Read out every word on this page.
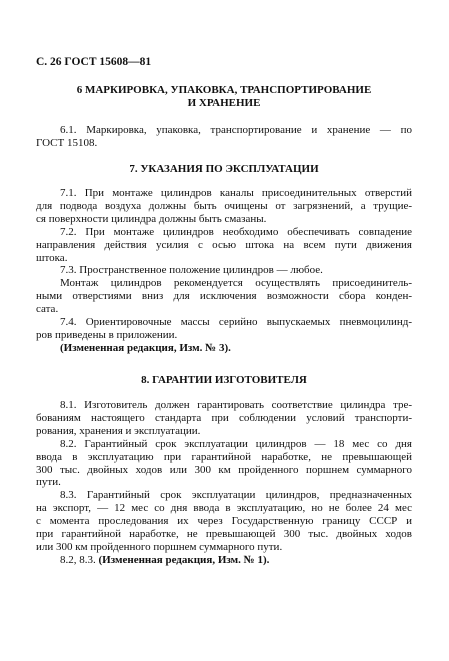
С. 26 ГОСТ 15608—81
6 МАРКИРОВКА, УПАКОВКА, ТРАНСПОРТИРОВАНИЕ
И ХРАНЕНИЕ
6.1. Маркировка, упаковка, транспортирование и хранение — по
ГОСТ 15108.
7. УКАЗАНИЯ ПО ЭКСПЛУАТАЦИИ
7.1. При монтаже цилиндров каналы присоединительных отверстий
для подвода воздуха должны быть очищены от загрязнений, а трущие-
ся поверхности цилиндра должны быть смазаны.
7.2. При монтаже цилиндров необходимо обеспечивать совпадение
направления действия усилия с осью штока на всем пути движения
штока.
7.3. Пространственное положение цилиндров — любое.
Монтаж цилиндров рекомендуется осуществлять присоединитель-
ными отверстиями вниз для исключения возможности сбора конден-
сата.
7.4. Ориентировочные массы серийно выпускаемых пневмоцилинд-
ров приведены в приложении.
(Измененная редакция, Изм. № 3).
8. ГАРАНТИИ ИЗГОТОВИТЕЛЯ
8.1. Изготовитель должен гарантировать соответствие цилиндра тре-
бованиям настоящего стандарта при соблюдении условий транспорти-
рования, хранения и эксплуатации.
8.2. Гарантийный срок эксплуатации цилиндров — 18 мес со дня
ввода в эксплуатацию при гарантийной наработке, не превышающей
300 тыс. двойных ходов или 300 км пройденного поршнем суммарного
пути.
8.3. Гарантийный срок эксплуатации цилиндров, предназначенных
на экспорт, — 12 мес со дня ввода в эксплуатацию, но не более 24 мес
с момента проследования их через Государственную границу СССР и
при гарантийной наработке, не превышающей 300 тыс. двойных ходов
или 300 км пройденного поршнем суммарного пути.
8.2, 8.3. (Измененная редакция, Изм. № 1).
